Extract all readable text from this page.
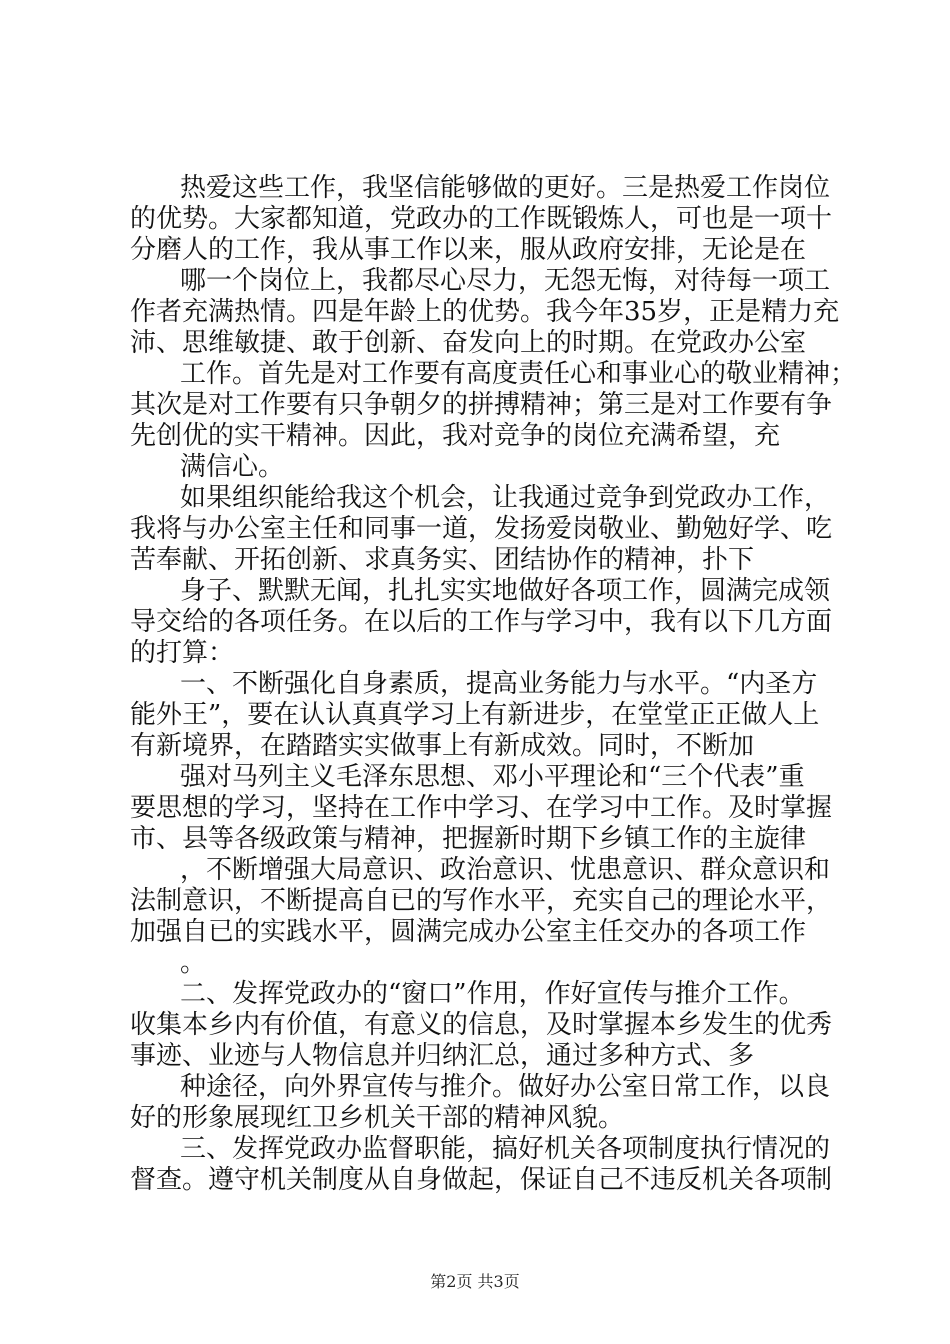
热爱这些工作，我坚信能够做的更好。三是热爱工作岗位
的优势。大家都知道，党政办的工作既锻炼人，可也是一项十
分磨人的工作，我从事工作以来，服从政府安排，无论是在
哪一个岗位上，我都尽心尽力，无怨无悔，对待每一项工
作者充满热情。四是年龄上的优势。我今年35岁，正是精力充
沛、思维敏捷、敢于创新、奋发向上的时期。在党政办公室
工作。首先是对工作要有高度责任心和事业心的敬业精神；
其次是对工作要有只争朝夕的拼搏精神；第三是对工作要有争
先创优的实干精神。因此，我对竞争的岗位充满希望，充
满信心。
如果组织能给我这个机会，让我通过竞争到党政办工作，
我将与办公室主任和同事一道，发扬爱岗敬业、勤勉好学、吃
苦奉献、开拓创新、求真务实、团结协作的精神，扑下
身子、默默无闻，扎扎实实地做好各项工作，圆满完成领
导交给的各项任务。在以后的工作与学习中，我有以下几方面
的打算：
一、不断强化自身素质，提高业务能力与水平。“内圣方
能外王”，要在认认真真学习上有新进步，在堂堂正正做人上
有新境界，在踏踏实实做事上有新成效。同时，不断加
强对马列主义毛泽东思想、邓小平理论和“三个代表”重
要思想的学习，坚持在工作中学习、在学习中工作。及时掌握
市、县等各级政策与精神，把握新时期下乡镇工作的主旋律
，不断增强大局意识、政治意识、忧患意识、群众意识和
法制意识，不断提高自已的写作水平，充实自己的理论水平，
加强自已的实践水平，圆满完成办公室主任交办的各项工作
。
二、发挥党政办的“窗口”作用，作好宣传与推介工作。
收集本乡内有价值，有意义的信息，及时掌握本乡发生的优秀
事迹、业迹与人物信息并归纳汇总，通过多种方式、多
种途径，向外界宣传与推介。做好办公室日常工作，以良
好的形象展现红卫乡机关干部的精神风貌。
三、发挥党政办监督职能，搞好机关各项制度执行情况的
督查。遵守机关制度从自身做起，保证自己不违反机关各项制
第2页 共3页
